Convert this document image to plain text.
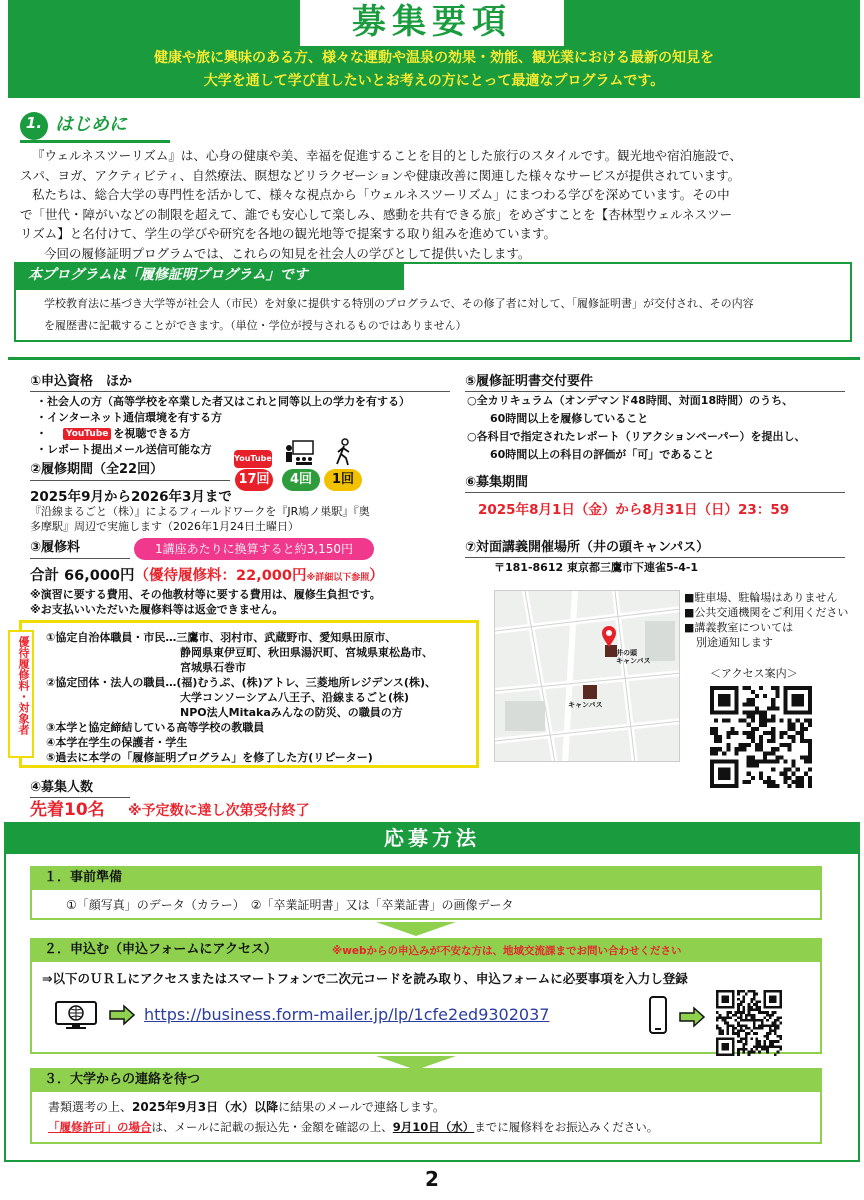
募集要項
健康や旅に興味のある方、様々な運動や温泉の効果・効能、観光業における最新の知見を
大学を通して学び直したいとお考えの方にとって最適なプログラムです。
1. はじめに
『ウェルネスツーリズム』は、心身の健康や美、幸福を促進することを目的とした旅行のスタイルです。観光地や宿泊施設で、
スパ、ヨガ、アクティビティ、自然療法、瞑想などリラクゼーションや健康改善に関連した様々なサービスが提供されています。
私たちは、総合大学の専門性を活かして、様々な視点から「ウェルネスツーリズム」にまつわる学びを深めています。その中
で「世代・障がいなどの制限を超えて、誰でも安心して楽しみ、感動を共有できる旅」をめざすことを【杏林型ウェルネスツー
リズム】と名付けて、学生の学びや研究を各地の観光地等で提案する取り組みを進めています。
今回の履修証明プログラムでは、これらの知見を社会人の学びとして提供いたします。
本プログラムは「履修証明プログラム」です
学校教育法に基づき大学等が社会人（市民）を対象に提供する特別のプログラムで、その修了者に対して、「履修証明書」が交付され、その内容
を履歴書に記載することができます。（単位・学位が授与されるものではありません）
①申込資格　ほか
・社会人の方（高等学校を卒業した者又はこれと同等以上の学力を有する）
・インターネット通信環境を有する方
・	YouTube を視聴できる方
・レポート提出メール送信可能な方
②履修期間（全22回）
YouTube
17回	4回	1回
2025年9月から2026年3月まで
『沿線まるごと（株）』によるフィールドワークを『JR鳩ノ巣駅』『奥
多摩駅』周辺で実施します（2026年1月24日土曜日）
③履修料	1講座あたりに換算すると約3,150円
合計 66,000円（優待履修料：22,000円※詳細以下参照）
※演習に要する費用、その他教材等に要する費用は、履修生負担です。
※お支払いいただいた履修料等は返金できません。
優待履修料・対象者 ①協定自治体職員・市民…三鷹市、羽村市、武蔵野市、愛知県田原市、
静岡県東伊豆町、秋田県湯沢町、宮城県東松島市、
宮城県石巻市
②協定団体・法人の職員…(福)むうぷ、(株)アトレ、三菱地所レジデンス(株)、
大学コンソーシアム八王子、沿線まるごと(株)
NPO法人Mitakaみんなの防災、の職員の方
③本学と協定締結している高等学校の教職員
④本学在学生の保護者・学生
⑤過去に本学の「履修証明プログラム」を修了した方(リピーター)
④募集人数
先着10名 ※予定数に達し次第受付終了
⑤履修証明書交付要件
○全カリキュラム（オンデマンド48時間、対面18時間）のうち、
60時間以上を履修していること
○各科目で指定されたレポート（リアクションペーパー）を提出し、
60時間以上の科目の評価が「可」であること
⑥募集期間
2025年8月1日（金）から8月31日（日）23：59
⑦対面講義開催場所（井の頭キャンパス）
〒181-8612 東京都三鷹市下連雀5-4-1
井の頭
キャンパス
キャンパス
■駐車場、駐輪場はありません
■公共交通機関をご利用ください
■講義教室については
別途通知します
＜アクセス案内＞
応募方法
１．事前準備
①「顔写真」のデータ（カラー）　②「卒業証明書」又は「卒業証書」の画像データ
２．申込む（申込フォームにアクセス）	※webからの申込みが不安な方は、地域交流課までお問い合わせください
⇒以下のＵＲＬにアクセスまたはスマートフォンで二次元コードを読み取り、申込フォームに必要事項を入力し登録
https://business.form-mailer.jp/lp/1cfe2ed9302037
３．大学からの連絡を待つ
書類選考の上、2025年9月3日（水）以降に結果のメールで連絡します。
「履修許可」の場合は、メールに記載の振込先・金額を確認の上、9月10日（水）までに履修料をお振込みください。
2
